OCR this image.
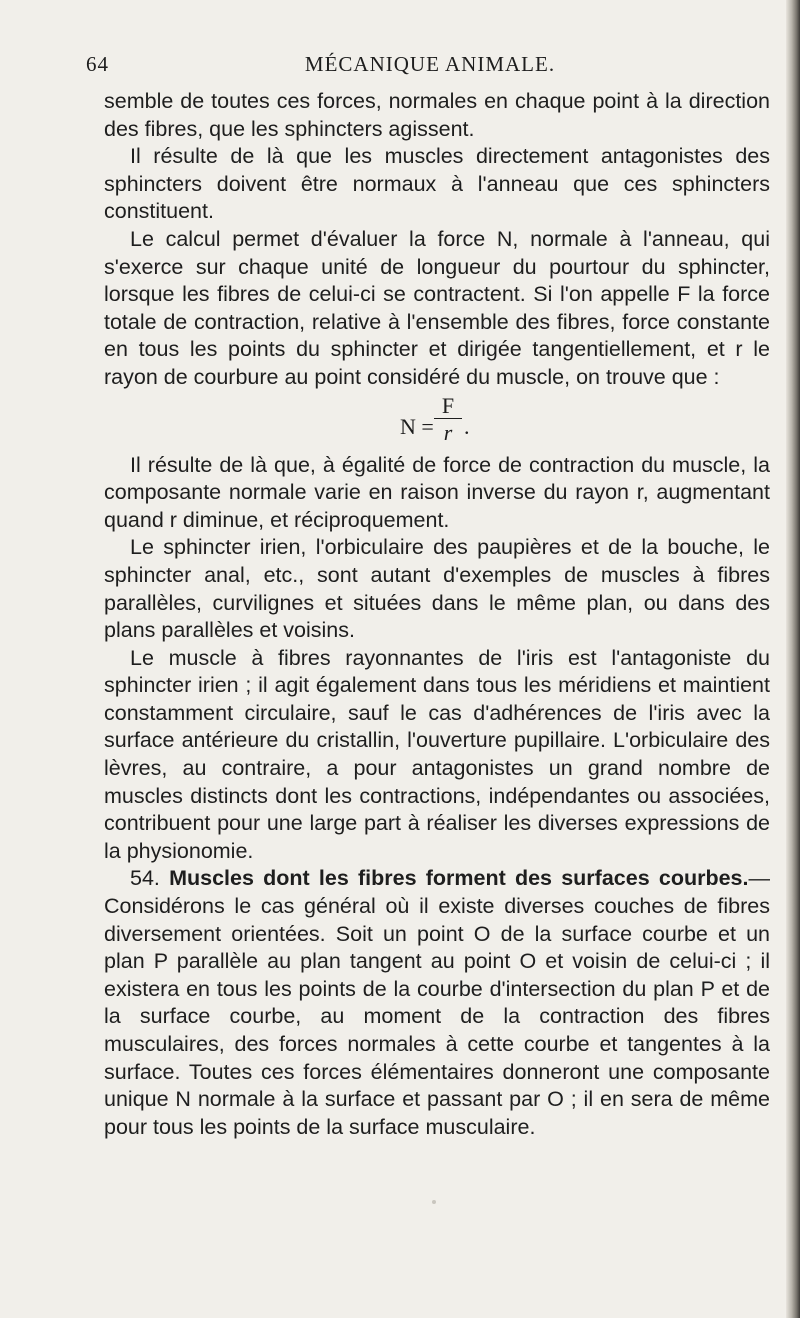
64	MÉCANIQUE ANIMALE.

semble de toutes ces forces, normales en chaque point à la direction des fibres, que les sphincters agissent.

Il résulte de là que les muscles directement antagonistes des sphincters doivent être normaux à l'anneau que ces sphincters constituent.

Le calcul permet d'évaluer la force N, normale à l'anneau, qui s'exerce sur chaque unité de longueur du pourtour du sphincter, lorsque les fibres de celui-ci se contractent. Si l'on appelle F la force totale de contraction, relative à l'ensemble des fibres, force constante en tous les points du sphincter et dirigée tangentiellement, et r le rayon de courbure au point considéré du muscle, on trouve que :

N =
F
r .

Il résulte de là que, à égalité de force de contraction du muscle, la composante normale varie en raison inverse du rayon r, augmentant quand r diminue, et réciproquement.

Le sphincter irien, l'orbiculaire des paupières et de la bouche, le sphincter anal, etc., sont autant d'exemples de muscles à fibres parallèles, curvilignes et situées dans le même plan, ou dans des plans parallèles et voisins.

Le muscle à fibres rayonnantes de l'iris est l'antagoniste du sphincter irien ; il agit également dans tous les méridiens et maintient constamment circulaire, sauf le cas d'adhérences de l'iris avec la surface antérieure du cristallin, l'ouverture pupillaire. L'orbiculaire des lèvres, au contraire, a pour antagonistes un grand nombre de muscles distincts dont les contractions, indépendantes ou associées, contribuent pour une large part à réaliser les diverses expressions de la physionomie.

54. Muscles dont les fibres forment des surfaces courbes.— Considérons le cas général où il existe diverses couches de fibres diversement orientées. Soit un point O de la surface courbe et un plan P parallèle au plan tangent au point O et voisin de celui-ci ; il existera en tous les points de la courbe d'intersection du plan P et de la surface courbe, au moment de la contraction des fibres musculaires, des forces normales à cette courbe et tangentes à la surface. Toutes ces forces élémentaires donneront une composante unique N normale à la surface et passant par O ; il en sera de même pour tous les points de la surface musculaire.
